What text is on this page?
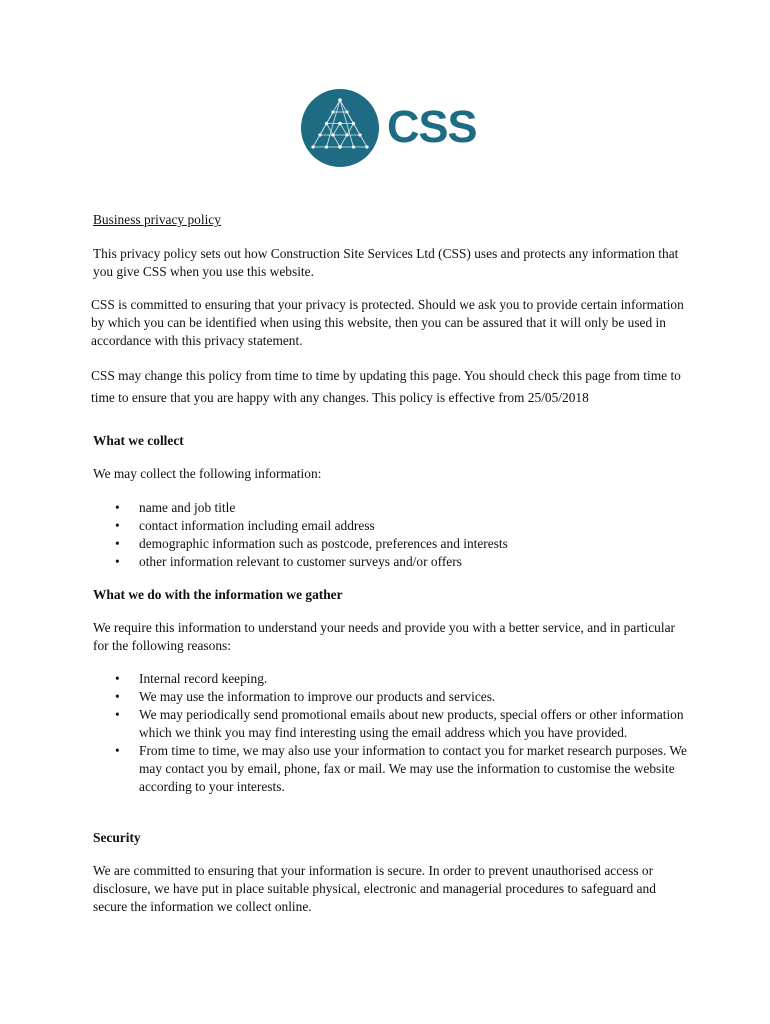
CSS

Business privacy policy

This privacy policy sets out how Construction Site Services Ltd (CSS) uses and protects any information that you give CSS when you use this website.

CSS is committed to ensuring that your privacy is protected. Should we ask you to provide certain information by which you can be identified when using this website, then you can be assured that it will only be used in accordance with this privacy statement.

CSS may change this policy from time to time by updating this page. You should check this page from time to time to ensure that you are happy with any changes. This policy is effective from 25/05/2018

What we collect

We may collect the following information:

• name and job title
• contact information including email address
• demographic information such as postcode, preferences and interests
• other information relevant to customer surveys and/or offers

What we do with the information we gather

We require this information to understand your needs and provide you with a better service, and in particular for the following reasons:

• Internal record keeping.
• We may use the information to improve our products and services.
• We may periodically send promotional emails about new products, special offers or other information which we think you may find interesting using the email address which you have provided.
• From time to time, we may also use your information to contact you for market research purposes. We may contact you by email, phone, fax or mail. We may use the information to customise the website according to your interests.

Security

We are committed to ensuring that your information is secure. In order to prevent unauthorised access or disclosure, we have put in place suitable physical, electronic and managerial procedures to safeguard and secure the information we collect online.
